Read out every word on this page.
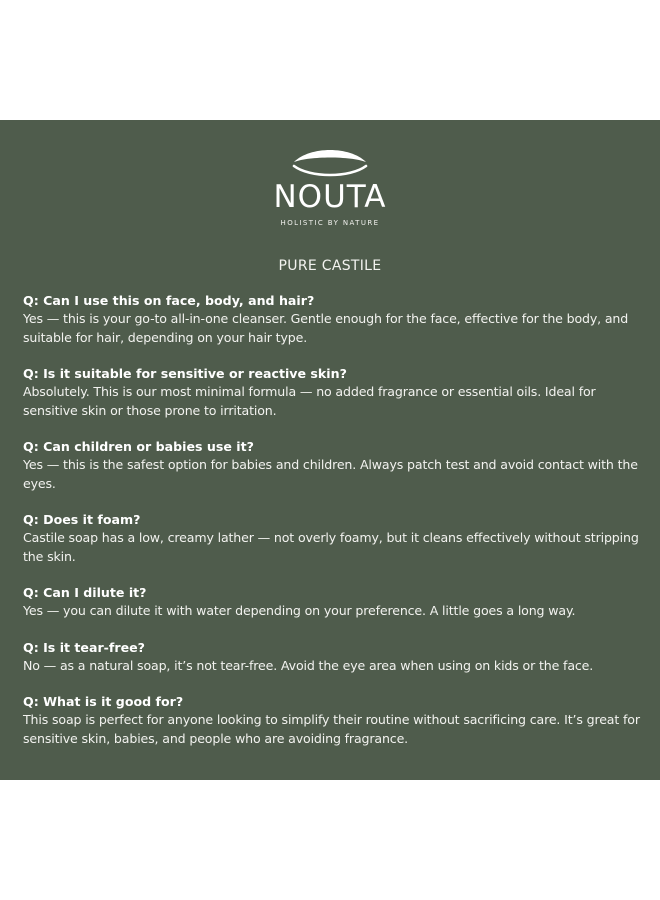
NOUTA
HOLISTIC BY NATURE
PURE CASTILE
Q: Can I use this on face, body, and hair?
Yes — this is your go-to all-in-one cleanser. Gentle enough for the face, effective for the body, and suitable for hair, depending on your hair type.
Q: Is it suitable for sensitive or reactive skin?
Absolutely. This is our most minimal formula — no added fragrance or essential oils. Ideal for sensitive skin or those prone to irritation.
Q: Can children or babies use it?
Yes — this is the safest option for babies and children. Always patch test and avoid contact with the eyes.
Q: Does it foam?
Castile soap has a low, creamy lather — not overly foamy, but it cleans effectively without stripping the skin.
Q: Can I dilute it?
Yes — you can dilute it with water depending on your preference. A little goes a long way.
Q: Is it tear-free?
No — as a natural soap, it’s not tear-free. Avoid the eye area when using on kids or the face.
Q: What is it good for?
This soap is perfect for anyone looking to simplify their routine without sacrificing care. It’s great for sensitive skin, babies, and people who are avoiding fragrance.
